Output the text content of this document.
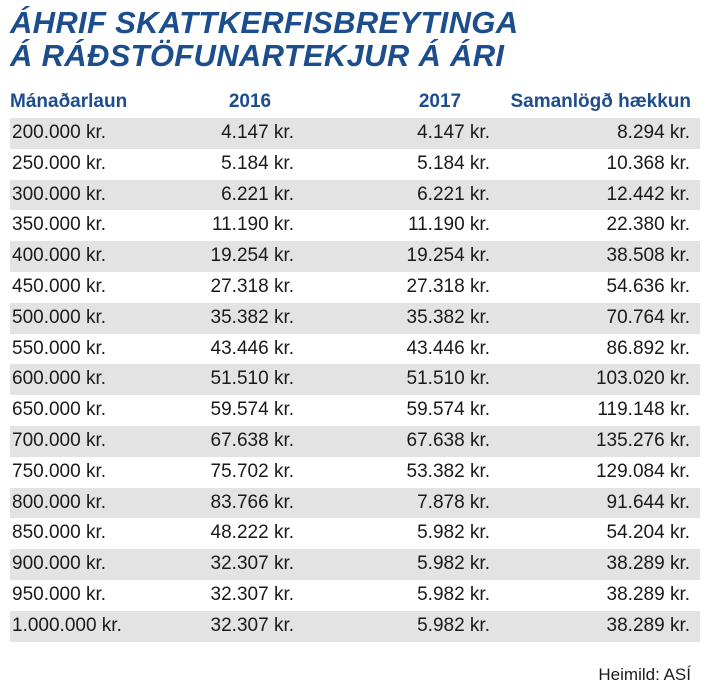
ÁHRIF SKATTKERFISBREYTINGA
Á RÁÐSTÖFUNARTEKJUR Á ÁRI
Mánaðarlaun	2016	2017	Samanlögð hækkun
200.000 kr.	4.147 kr.	4.147 kr.	8.294 kr.
250.000 kr.	5.184 kr.	5.184 kr.	10.368 kr.
300.000 kr.	6.221 kr.	6.221 kr.	12.442 kr.
350.000 kr.	11.190 kr.	11.190 kr.	22.380 kr.
400.000 kr.	19.254 kr.	19.254 kr.	38.508 kr.
450.000 kr.	27.318 kr.	27.318 kr.	54.636 kr.
500.000 kr.	35.382 kr.	35.382 kr.	70.764 kr.
550.000 kr.	43.446 kr.	43.446 kr.	86.892 kr.
600.000 kr.	51.510 kr.	51.510 kr.	103.020 kr.
650.000 kr.	59.574 kr.	59.574 kr.	119.148 kr.
700.000 kr.	67.638 kr.	67.638 kr.	135.276 kr.
750.000 kr.	75.702 kr.	53.382 kr.	129.084 kr.
800.000 kr.	83.766 kr.	7.878 kr.	91.644 kr.
850.000 kr.	48.222 kr.	5.982 kr.	54.204 kr.
900.000 kr.	32.307 kr.	5.982 kr.	38.289 kr.
950.000 kr.	32.307 kr.	5.982 kr.	38.289 kr.
1.000.000 kr.	32.307 kr.	5.982 kr.	38.289 kr.
Heimild: ASÍ
